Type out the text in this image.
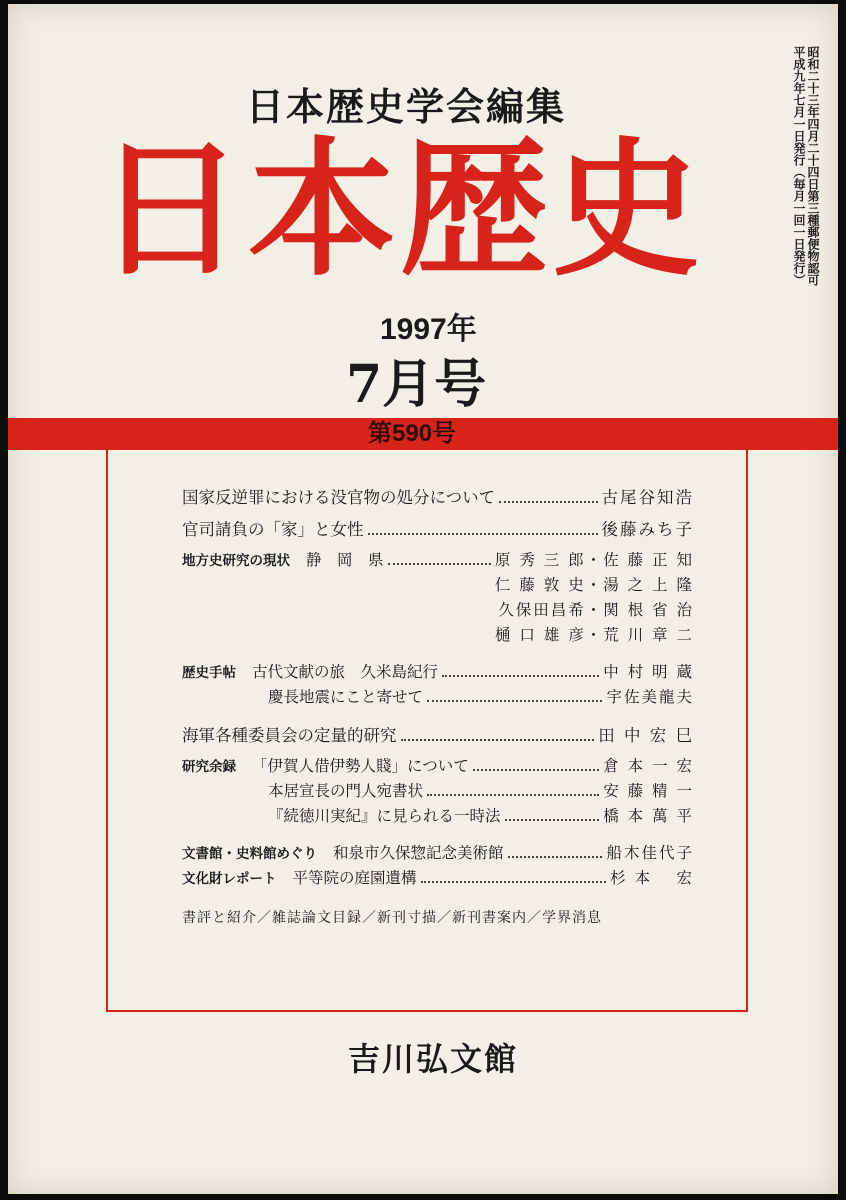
日本歴史学会編集
日本歴史
1997年
7月号
昭和二十三年四月二十四日第三種郵便物認可
平成九年七月一日発行（毎月一回一日発行）
第590号
国家反逆罪における没官物の処分について	古尾谷知浩
官司請負の「家」と女性	後藤みち子
地方史研究の現状 静　岡　県	原 秀 三 郎・佐 藤 正 知
仁 藤 敦 史・湯 之 上 隆
久保田昌希・関 根 省 治
樋 口 雄 彦・荒 川 章 二
歴史手帖 古代文献の旅　久米島紀行	中 村 明 蔵
慶長地震にこと寄せて	宇佐美龍夫
海軍各種委員会の定量的研究	田 中 宏 巳
研究余録 「伊賀人借伊勢人賤」について	倉 本 一 宏
本居宣長の門人宛書状	安 藤 精 一
『続徳川実紀』に見られる一時法	橋 本 萬 平
文書館・史料館めぐり 和泉市久保惣記念美術館	船木佳代子
文化財レポート 平等院の庭園遺構	杉 本　 宏
書評と紹介／雑誌論文目録／新刊寸描／新刊書案内／学界消息
吉川弘文館
